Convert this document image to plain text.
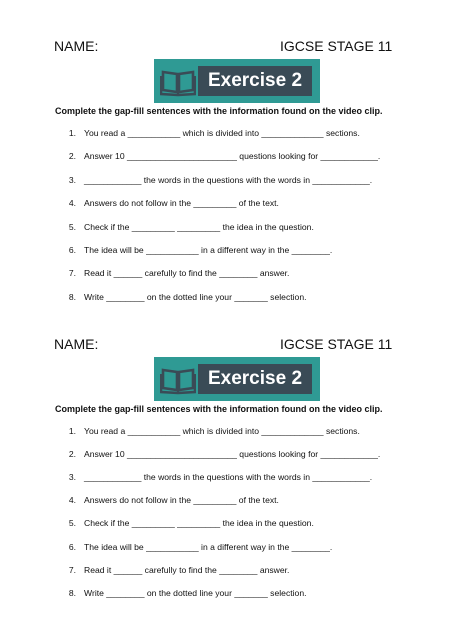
NAME:	IGCSE STAGE 11
Exercise 2
Complete the gap-fill sentences with the information found on the video clip.
1. You read a ___________ which is divided into _____________ sections.
2. Answer 10 _______________________ questions looking for ____________.
3. ____________ the words in the questions with the words in ____________.
4. Answers do not follow in the _________ of the text.
5. Check if the _________ _________ the idea in the question.
6. The idea will be ___________ in a different way in the ________.
7. Read it ______ carefully to find the ________ answer.
8. Write ________ on the dotted line your _______ selection.
NAME:	IGCSE STAGE 11
Exercise 2
Complete the gap-fill sentences with the information found on the video clip.
1. You read a ___________ which is divided into _____________ sections.
2. Answer 10 _______________________ questions looking for ____________.
3. ____________ the words in the questions with the words in ____________.
4. Answers do not follow in the _________ of the text.
5. Check if the _________ _________ the idea in the question.
6. The idea will be ___________ in a different way in the ________.
7. Read it ______ carefully to find the ________ answer.
8. Write ________ on the dotted line your _______ selection.
